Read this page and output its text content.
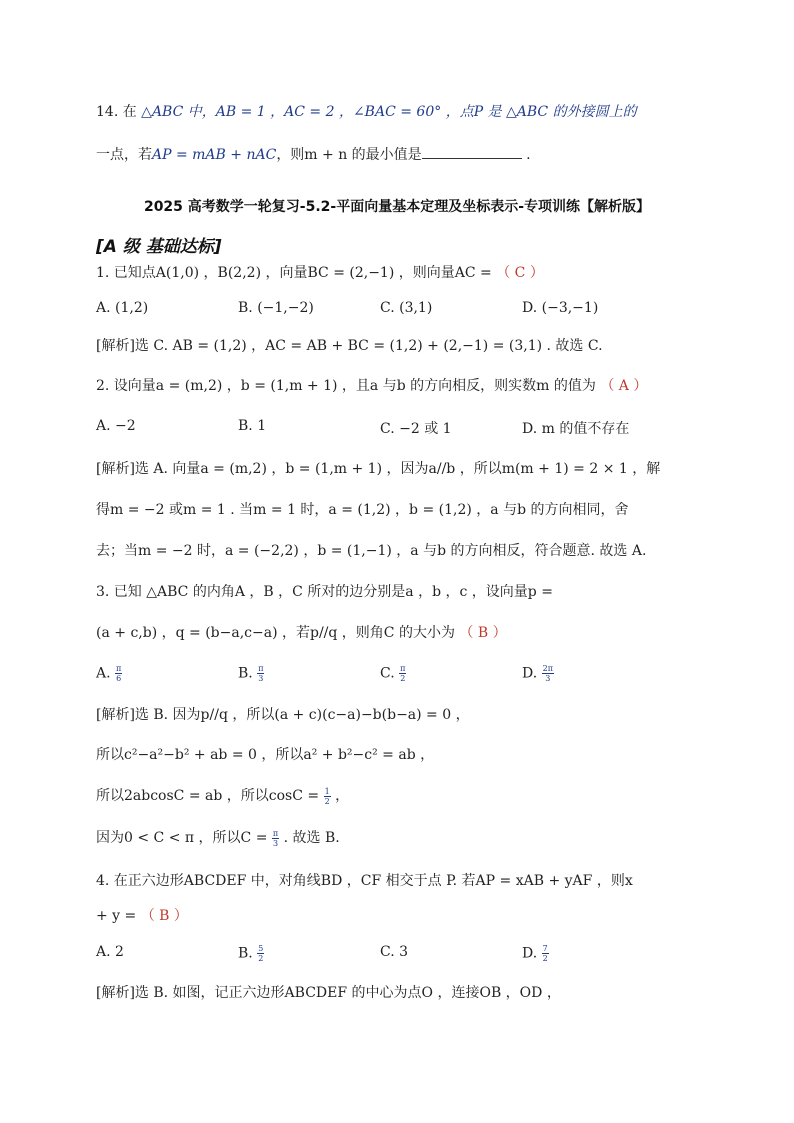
14. 在 △ABC 中，AB = 1 ，AC = 2 ，∠BAC = 60° ，点P 是 △ABC 的外接圆上的
一点，若AP = mAB + nAC，则m + n 的最小值是	.
2025 高考数学一轮复习-5.2-平面向量基本定理及坐标表示-专项训练【解析版】
[A 级 基础达标]
1. 已知点A(1,0) ，B(2,2) ，向量BC = (2,−1) ，则向量AC = （ C ）
A. (1,2)	B. (−1,−2)	C. (3,1)	D. (−3,−1)
[解析]选 C. AB = (1,2) ，AC = AB + BC = (1,2) + (2,−1) = (3,1) . 故选 C.
2. 设向量a = (m,2) ，b = (1,m + 1) ，且a 与b 的方向相反，则实数m 的值为 （ A ）
A. −2	B. 1	C. −2 或 1	D. m 的值不存在
[解析]选 A. 向量a = (m,2) ，b = (1,m + 1) ，因为a//b ，所以m(m + 1) = 2 × 1 ，解
得m = −2 或m = 1 . 当m = 1 时，a = (1,2) ，b = (1,2) ，a 与b 的方向相同，舍
去；当m = −2 时，a = (−2,2) ，b = (1,−1) ，a 与b 的方向相反，符合题意. 故选 A.
3. 已知 △ABC 的内角A ，B ，C 所对的边分别是a ，b ，c ，设向量p =
(a + c,b) ，q = (b−a,c−a) ，若p//q ，则角C 的大小为 （ B ）
A. $\frac{\pi}{6}$	B. $\frac{\pi}{3}$	C. $\frac{\pi}{2}$	D. $\frac{2\pi}{3}$
[解析]选 B. 因为p//q ，所以(a + c)(c−a)−b(b−a) = 0 ，
所以c²−a²−b² + ab = 0 ，所以a² + b²−c² = ab ，
所以2abcosC = ab ，所以$\cos C = \frac{1}{2}$ ，
因为0 < C < π ，所以$C = \frac{\pi}{3}$ . 故选 B.
4. 在正六边形ABCDEF 中，对角线BD ，CF 相交于点 P. 若AP = xAB + yAF ，则x
+ y = （ B ）
A. 2	B. $\frac{5}{2}$	C. 3	D. $\frac{7}{2}$
[解析]选 B. 如图，记正六边形ABCDEF 的中心为点O ，连接OB ，OD ，
